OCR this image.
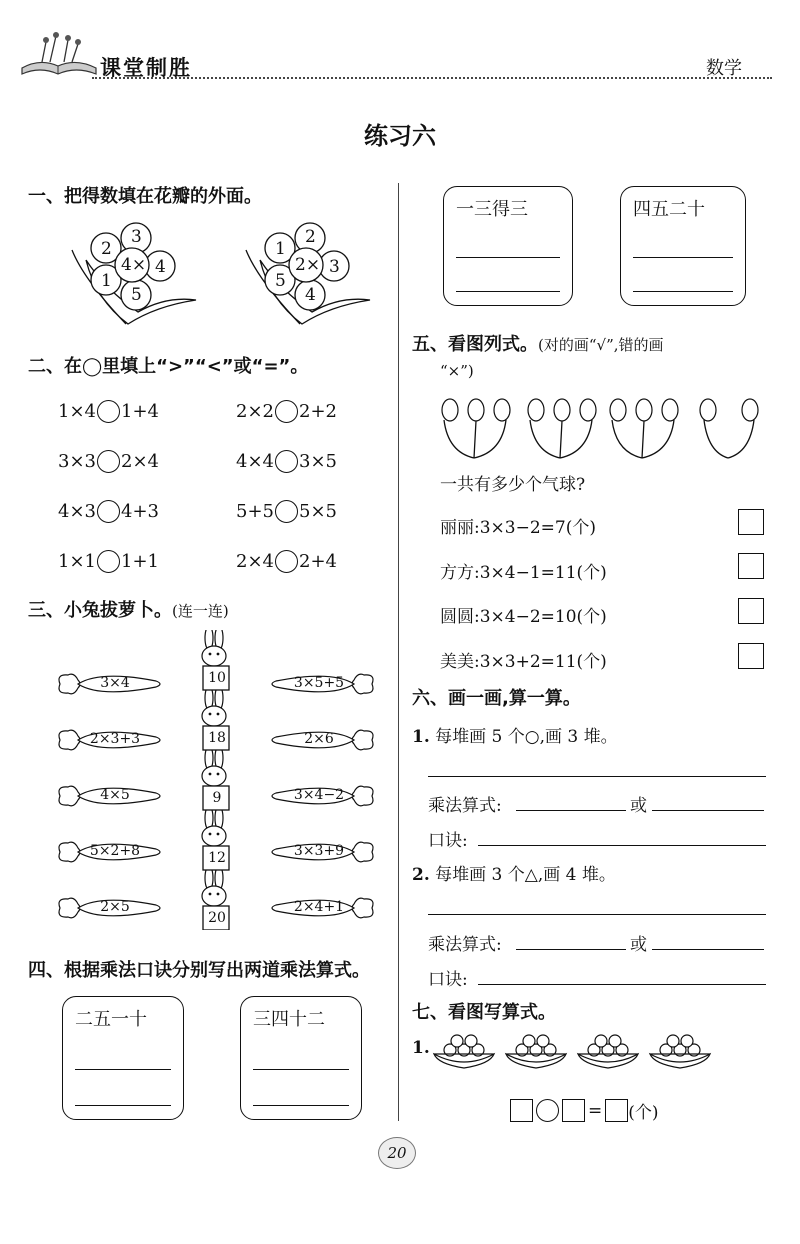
课堂制胜	数学
练习六
一、把得数填在花瓣的外面。
4×
3
4
5
1
2
2×
2
3
4
5
1
二、在◯里填上“>”“<”或“=”。
1×4 1+4	2×2 2+2
3×3 2×4	4×4 3×5
4×3 4+3	5+5 5×5
1×1 1+1	2×4 2+4
三、小兔拔萝卜。(连一连)
3×4
2×3+3
4×5
5×2+8
2×5
10
18
9
12
20
3×5+5
2×6
3×4−2
3×3+9
2×4+1
四、根据乘法口诀分别写出两道乘法算式。
二五一十	三四十二
一三得三	四五二十
五、看图列式。(对的画“√”,错的画
“×”)
一共有多少个气球?
丽丽:3×3−2=7(个)
方方:3×4−1=11(个)
圆圆:3×4−2=10(个)
美美:3×3+2=11(个)
六、画一画,算一算。
1. 每堆画 5 个○,画 3 堆。
乘法算式:	或
口诀:
2. 每堆画 3 个△,画 4 堆。
乘法算式:	或
口诀:
七、看图写算式。
1.
= (个)
20
